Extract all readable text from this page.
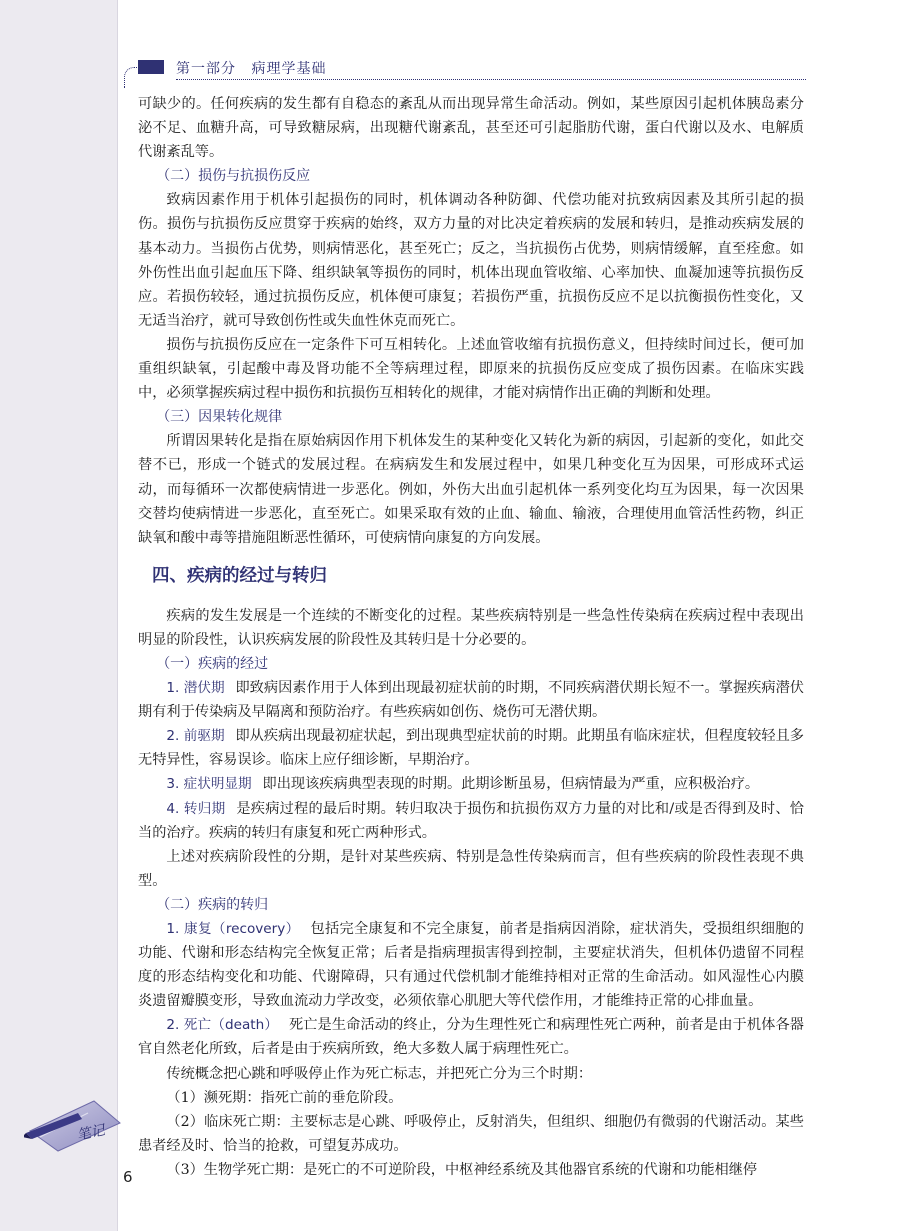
第一部分 病理学基础

可缺少的。任何疾病的发生都有自稳态的紊乱从而出现异常生命活动。例如，某些原因引起机体胰岛素分泌不足、血糖升高，可导致糖尿病，出现糖代谢紊乱，甚至还可引起脂肪代谢，蛋白代谢以及水、电解质代谢紊乱等。

（二）损伤与抗损伤反应

致病因素作用于机体引起损伤的同时，机体调动各种防御、代偿功能对抗致病因素及其所引起的损伤。损伤与抗损伤反应贯穿于疾病的始终，双方力量的对比决定着疾病的发展和转归，是推动疾病发展的基本动力。当损伤占优势，则病情恶化，甚至死亡；反之，当抗损伤占优势，则病情缓解，直至痊愈。如外伤性出血引起血压下降、组织缺氧等损伤的同时，机体出现血管收缩、心率加快、血凝加速等抗损伤反应。若损伤较轻，通过抗损伤反应，机体便可康复；若损伤严重，抗损伤反应不足以抗衡损伤性变化，又无适当治疗，就可导致创伤性或失血性休克而死亡。

损伤与抗损伤反应在一定条件下可互相转化。上述血管收缩有抗损伤意义，但持续时间过长，便可加重组织缺氧，引起酸中毒及肾功能不全等病理过程，即原来的抗损伤反应变成了损伤因素。在临床实践中，必须掌握疾病过程中损伤和抗损伤互相转化的规律，才能对病情作出正确的判断和处理。

（三）因果转化规律

所谓因果转化是指在原始病因作用下机体发生的某种变化又转化为新的病因，引起新的变化，如此交替不已，形成一个链式的发展过程。在病病发生和发展过程中，如果几种变化互为因果，可形成环式运动，而每循环一次都使病情进一步恶化。例如，外伤大出血引起机体一系列变化均互为因果，每一次因果交替均使病情进一步恶化，直至死亡。如果采取有效的止血、输血、输液，合理使用血管活性药物，纠正缺氧和酸中毒等措施阻断恶性循环，可使病情向康复的方向发展。

四、疾病的经过与转归

疾病的发生发展是一个连续的不断变化的过程。某些疾病特别是一些急性传染病在疾病过程中表现出明显的阶段性，认识疾病发展的阶段性及其转归是十分必要的。

（一）疾病的经过

1. 潜伏期 即致病因素作用于人体到出现最初症状前的时期，不同疾病潜伏期长短不一。掌握疾病潜伏期有利于传染病及早隔离和预防治疗。有些疾病如创伤、烧伤可无潜伏期。

2. 前驱期 即从疾病出现最初症状起，到出现典型症状前的时期。此期虽有临床症状，但程度较轻且多无特异性，容易误诊。临床上应仔细诊断，早期治疗。

3. 症状明显期 即出现该疾病典型表现的时期。此期诊断虽易，但病情最为严重，应积极治疗。

4. 转归期 是疾病过程的最后时期。转归取决于损伤和抗损伤双方力量的对比和/或是否得到及时、恰当的治疗。疾病的转归有康复和死亡两种形式。

上述对疾病阶段性的分期，是针对某些疾病、特别是急性传染病而言，但有些疾病的阶段性表现不典型。

（二）疾病的转归

1. 康复（recovery） 包括完全康复和不完全康复，前者是指病因消除，症状消失，受损组织细胞的功能、代谢和形态结构完全恢复正常；后者是指病理损害得到控制，主要症状消失，但机体仍遗留不同程度的形态结构变化和功能、代谢障碍，只有通过代偿机制才能维持相对正常的生命活动。如风湿性心内膜炎遗留瓣膜变形，导致血流动力学改变，必须依靠心肌肥大等代偿作用，才能维持正常的心排血量。

2. 死亡（death） 死亡是生命活动的终止，分为生理性死亡和病理性死亡两种，前者是由于机体各器官自然老化所致，后者是由于疾病所致，绝大多数人属于病理性死亡。

传统概念把心跳和呼吸停止作为死亡标志，并把死亡分为三个时期：

（1）濒死期：指死亡前的垂危阶段。

（2）临床死亡期：主要标志是心跳、呼吸停止，反射消失，但组织、细胞仍有微弱的代谢活动。某些患者经及时、恰当的抢救，可望复苏成功。

（3）生物学死亡期：是死亡的不可逆阶段，中枢神经系统及其他器官系统的代谢和功能相继停

笔记
6
